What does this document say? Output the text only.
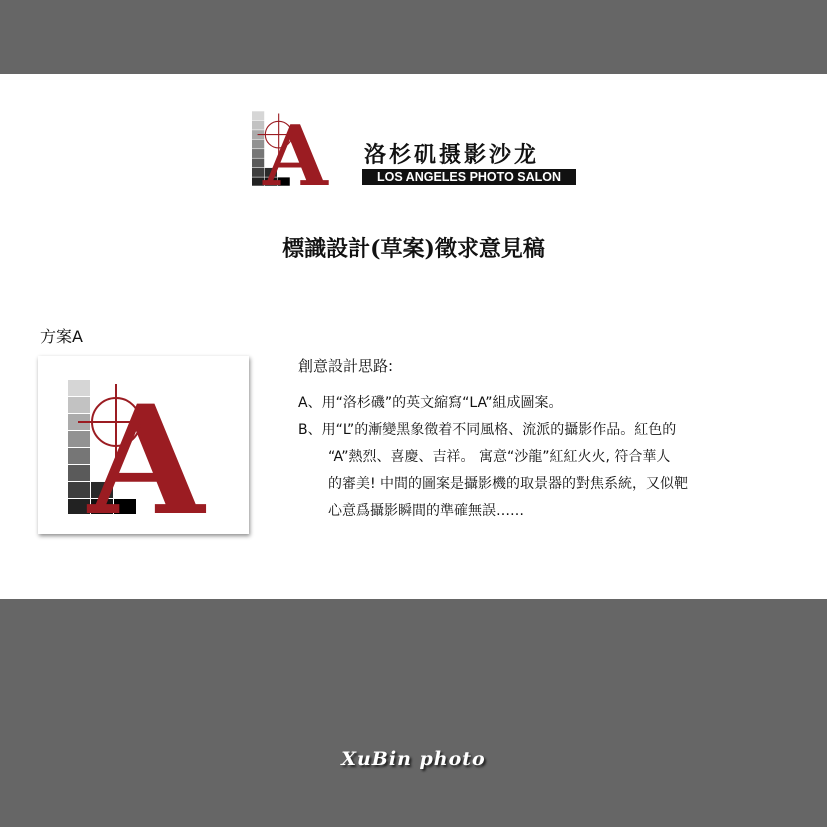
A 洛杉矶摄影沙龙
LOS ANGELES PHOTO SALON
標識設計(草案)徵求意見稿
方案A
A
創意設計思路:
A、用“洛杉磯”的英文縮寫“LA”組成圖案。
B、用“L”的漸變黑象徵着不同風格、流派的攝影作品。紅色的
“A”熱烈、喜慶、吉祥。 寓意“沙龍”紅紅火火, 符合華人
的審美! 中間的圖案是攝影機的取景器的對焦系統，又似靶
心意爲攝影瞬間的準確無誤……
XuBin photo
